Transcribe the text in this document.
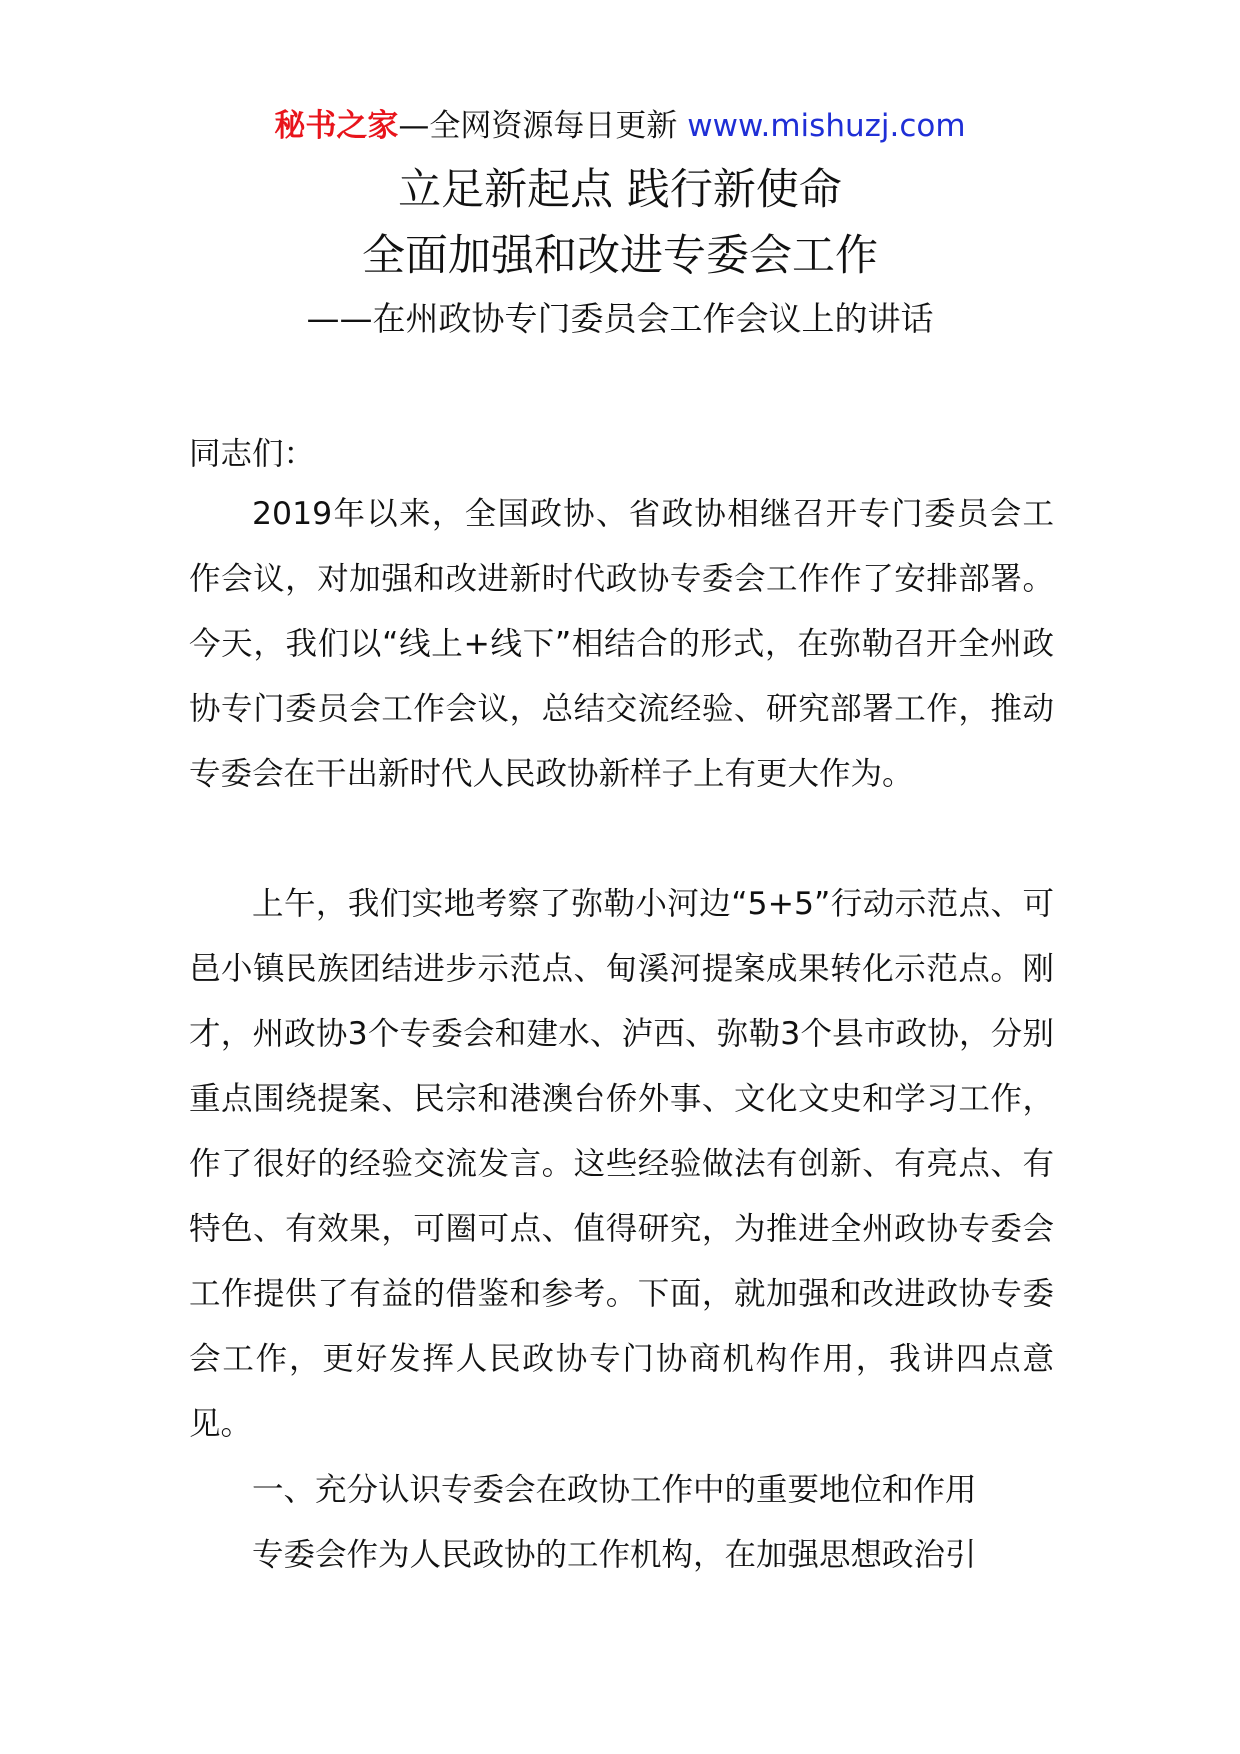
秘书之家—全网资源每日更新 www.mishuzj.com
立足新起点 践行新使命
全面加强和改进专委会工作
——在州政协专门委员会工作会议上的讲话
同志们：

2019年以来，全国政协、省政协相继召开专门委员会工作会议，对加强和改进新时代政协专委会工作作了安排部署。今天，我们以“线上+线下”相结合的形式，在弥勒召开全州政协专门委员会工作会议，总结交流经验、研究部署工作，推动专委会在干出新时代人民政协新样子上有更大作为。

上午，我们实地考察了弥勒小河边“5+5”行动示范点、可邑小镇民族团结进步示范点、甸溪河提案成果转化示范点。刚才，州政协3个专委会和建水、泸西、弥勒3个县市政协，分别重点围绕提案、民宗和港澳台侨外事、文化文史和学习工作，作了很好的经验交流发言。这些经验做法有创新、有亮点、有特色、有效果，可圈可点、值得研究，为推进全州政协专委会工作提供了有益的借鉴和参考。下面，就加强和改进政协专委会工作，更好发挥人民政协专门协商机构作用，我讲四点意见。

一、充分认识专委会在政协工作中的重要地位和作用

专委会作为人民政协的工作机构，在加强思想政治引
